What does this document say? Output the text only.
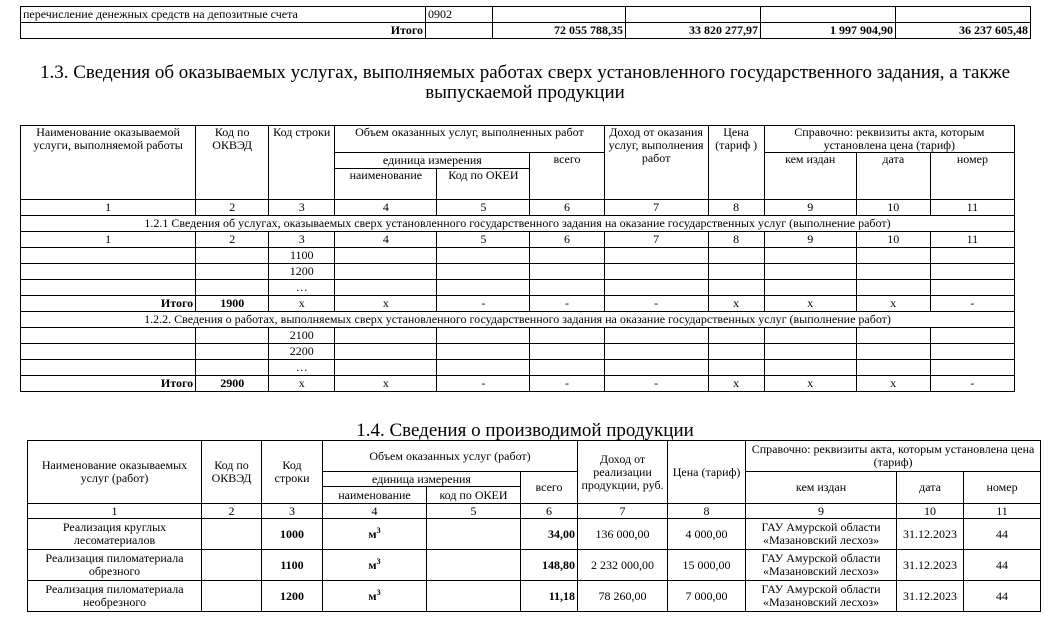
перечисление денежных средств на депозитные счета	0902				
Итого		72 055 788,35	33 820 277,97	1 997 904,90	36 237 605,48
1.3. Сведения об оказываемых услугах, выполняемых работах сверх установленного государственного задания, а также
выпускаемой продукции
Наименование оказываемой услуги, выполняемой работы	Код по ОКВЭД	Код строки	Объем оказанных услуг, выполненных работ			Доход от оказания услуг, выполнения работ	Цена (тариф )	Справочно: реквизиты акта, которым установлена цена (тариф)		
			единица измерения		всего			кем издан	дата	номер
			наименование	Код по ОКЕИ						
1	2	3	4	5	6	7	8	9	10	11
1.2.1 Сведения об услугах, оказываемых сверх установленного государственного задания на оказание государственных услуг (выполнение работ)										
1	2	3	4	5	6	7	8	9	10	11
		1100								
		1200								
		…								
Итого	1900	x	x	-	-	-	x	x	x	-
1.2.2. Сведения о работах, выполняемых сверх установленного государственного задания на оказание государственных услуг (выполнение работ)										
		2100								
		2200								
		…								
Итого	2900	x	x	-	-	-	x	x	x	-
1.4. Сведения о производимой продукции
Наименование оказываемых услуг (работ)	Код по ОКВЭД	Код строки	Объем оказанных услуг (работ)			Доход от реализации продукции, руб.	Цена (тариф)	Справочно: реквизиты акта, которым установлена цена (тариф)		
			единица измерения		всего			кем издан	дата	номер
			наименование	код по ОКЕИ						
1	2	3	4	5	6	7	8	9	10	11
Реализация круглых лесоматериалов		1000	$м^3$		34,00	136 000,00	4 000,00	ГАУ Амурской области «Мазановский лесхоз»	31.12.2023	44
Реализация пиломатериала обрезного		1100	$м^3$		148,80	2 232 000,00	15 000,00	ГАУ Амурской области «Мазановский лесхоз»	31.12.2023	44
Реализация пиломатериала необрезного		1200	$м^3$		11,18	78 260,00	7 000,00	ГАУ Амурской области «Мазановский лесхоз»	31.12.2023	44
